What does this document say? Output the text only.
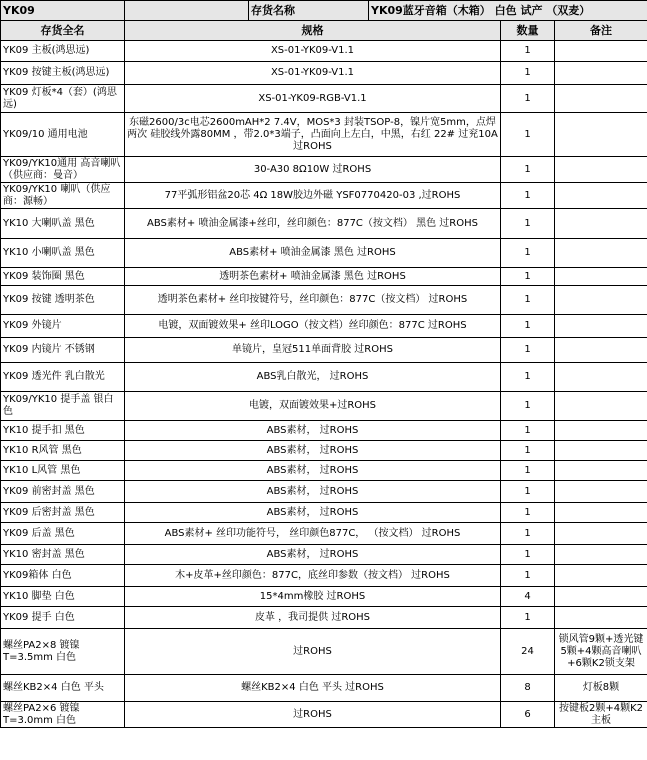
YK09		存货名称	YK09蓝牙音箱（木箱） 白色 试产 （双麦）		
存货全名	规格			数量	备注
YK09 主板(鸿思远)	XS-01-YK09-V1.1			1	
YK09 按键主板(鸿思远)	XS-01-YK09-V1.1			1	
YK09 灯板*4（套）(鸿思远)	XS-01-YK09-RGB-V1.1			1	
YK09/10 通用电池	东磁2600/3c电芯2600mAH*2 7.4V，MOS*3 封装TSOP-8，镍片宽5mm，点焊两次 硅胶线外露80MM ，带2.0*3端子，凸面向上左白，中黑，右红 22# 过兖10A过ROHS			1	
YK09/YK10通用 高音喇叭（供应商：曼音）	30-A30 8Ω10W 过ROHS			1	
YK09/YK10 喇叭（供应商：源畅）	77平弧形铝盆20芯 4Ω 18W胶边外磁 YSF0770420-03 ,过ROHS			1	
YK10 大喇叭盖 黑色	ABS素材+ 喷油金属漆+丝印，丝印颜色：877C（按文档） 黑色 过ROHS			1	
YK10 小喇叭盖 黑色	ABS素材+ 喷油金属漆 黑色 过ROHS			1	
YK09 装饰圈 黑色	透明茶色素材+ 喷油金属漆 黑色 过ROHS			1	
YK09 按键 透明茶色	透明茶色素材+ 丝印按键符号，丝印颜色：877C（按文档） 过ROHS			1	
YK09 外镜片	电镀，双面镀效果+ 丝印LOGO（按文档）丝印颜色：877C 过ROHS			1	
YK09 内镜片 不锈钢	单镜片，皇冠511单面背胶 过ROHS			1	
YK09 透光件 乳白散光	ABS乳白散光， 过ROHS			1	
YK09/YK10 提手盖 银白色	电镀，双面镀效果+过ROHS			1	
YK10 提手扣 黑色	ABS素材， 过ROHS			1	
YK10 R风管 黑色	ABS素材， 过ROHS			1	
YK10 L风管 黑色	ABS素材， 过ROHS			1	
YK09 前密封盖 黑色	ABS素材， 过ROHS			1	
YK09 后密封盖 黑色	ABS素材， 过ROHS			1	
YK09 后盖 黑色	ABS素材+ 丝印功能符号， 丝印颜色877C， （按文档） 过ROHS			1	
YK10 密封盖 黑色	ABS素材， 过ROHS			1	
YK09箱体 白色	木+皮革+丝印颜色：877C，底丝印参数（按文档） 过ROHS			1	
YK10 脚垫 白色	15*4mm橡胶 过ROHS			4	
YK09 提手 白色	皮革 ，我司提供 过ROHS			1	
螺丝PA2×8 镀镍 T=3.5mm 白色	过ROHS			24	锁风管9颗+透光键5颗+4颗高音喇叭+6颗K2锁支架
螺丝KB2×4 白色 平头	螺丝KB2×4 白色 平头 过ROHS			8	灯板8颗
螺丝PA2×6 镀镍 T=3.0mm 白色	过ROHS			6	按键板2颗+4颗K2主板
